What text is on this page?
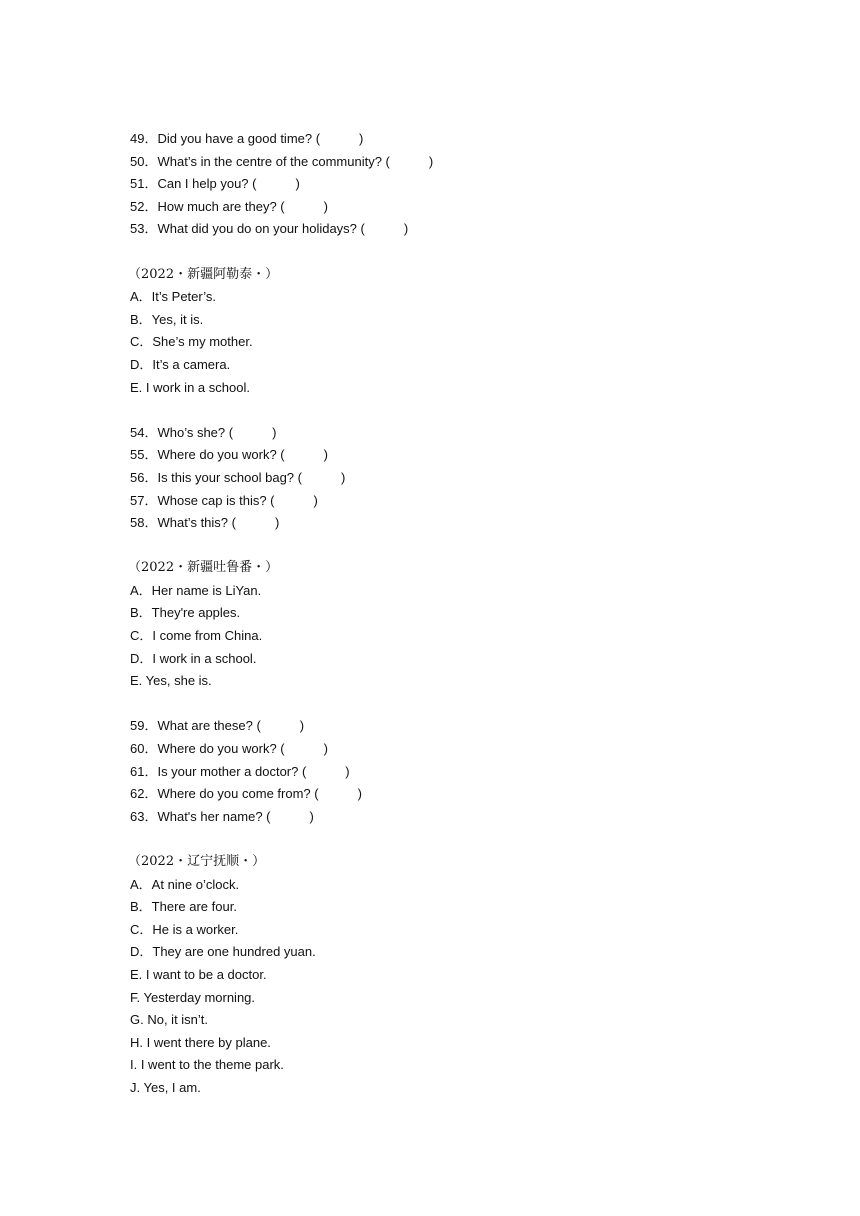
49．Did you have a good time? (　　　)
50．What’s in the centre of the community? (　　　)
51．Can I help you? (　　　)
52．How much are they? (　　　)
53．What did you do on your holidays? (　　　)
（2022・新疆阿勒泰・）
A．It’s Peter’s.
B．Yes, it is.
C．She’s my mother.
D．It’s a camera.
E. I work in a school.
54．Who’s she? (　　　)
55．Where do you work? (　　　)
56．Is this your school bag? (　　　)
57．Whose cap is this? (　　　)
58．What’s this? (　　　)
（2022・新疆吐鲁番・）
A．Her name is LiYan.
B．They're apples.
C．I come from China.
D．I work in a school.
E. Yes, she is.
59．What are these? (　　　)
60．Where do you work? (　　　)
61．Is your mother a doctor? (　　　)
62．Where do you come from? (　　　)
63．What's her name? (　　　)
（2022・辽宁抚顺・）
A．At nine o’clock.
B．There are four.
C．He is a worker.
D．They are one hundred yuan.
E. I want to be a doctor.
F. Yesterday morning.
G. No, it isn’t.
H. I went there by plane.
I. I went to the theme park.
J. Yes, I am.
